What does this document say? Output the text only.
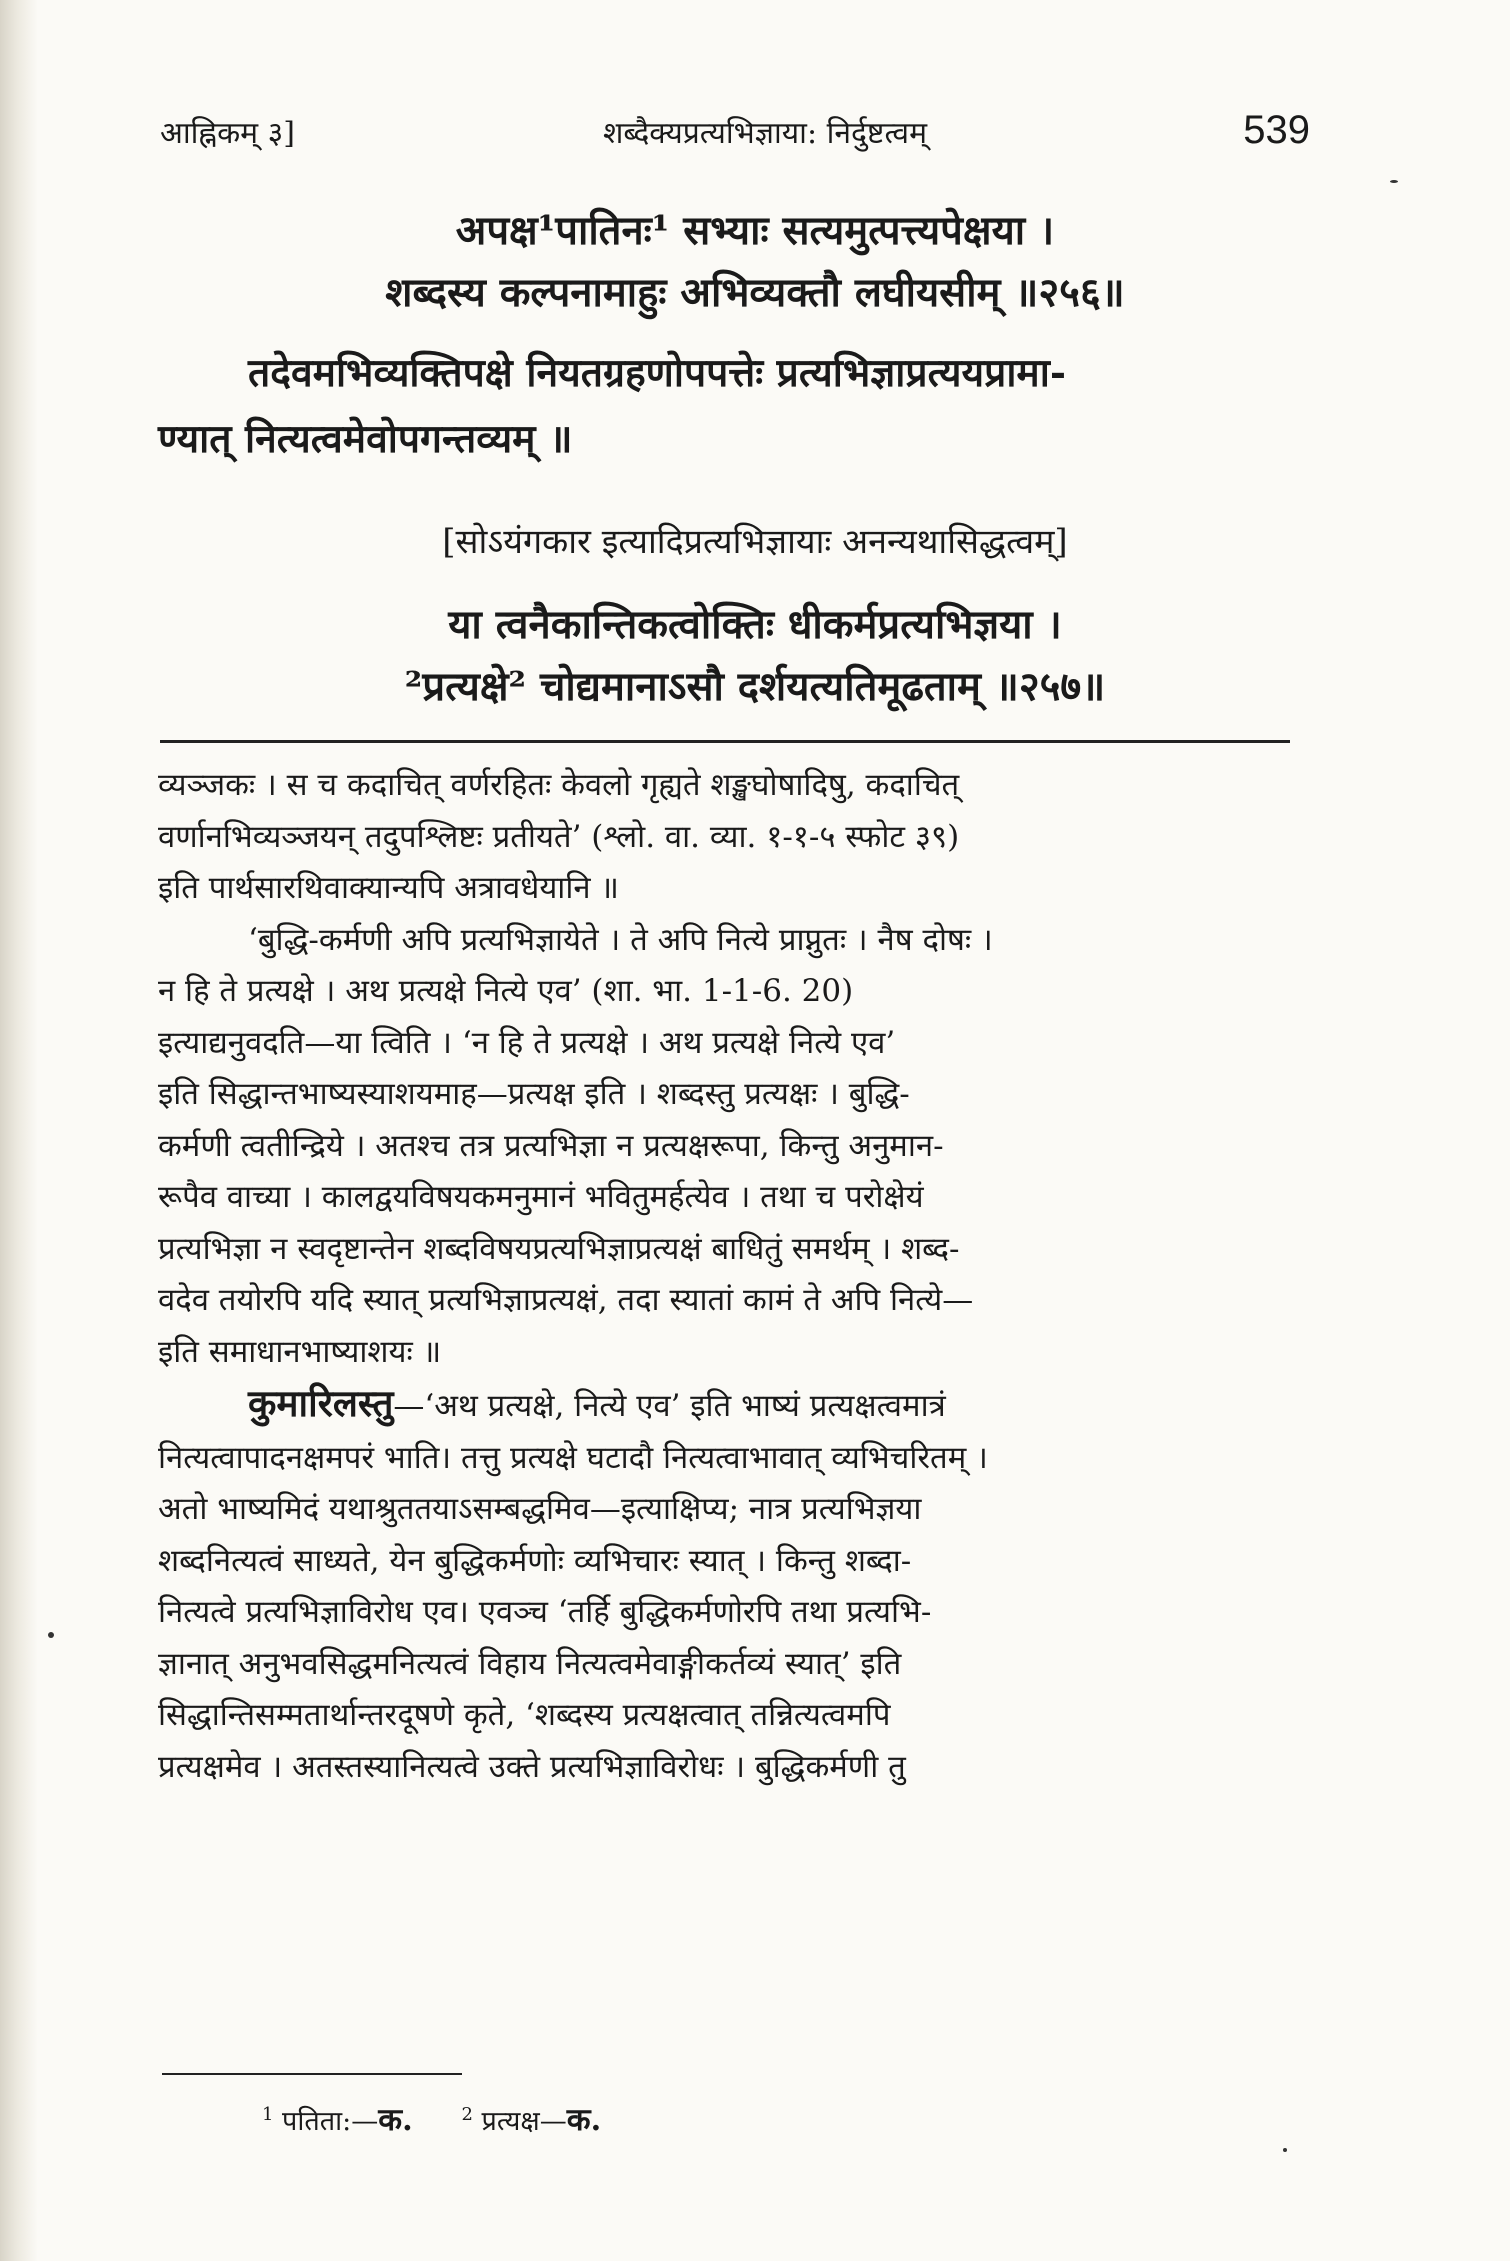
आह्निकम् ३]	शब्दैक्यप्रत्यभिज्ञाया: निर्दुष्टत्वम्	539
अपक्ष¹पातिनः¹ सभ्याः सत्यमुत्पत्त्यपेक्षया ।
शब्दस्य कल्पनामाहुः अभिव्यक्तौ लघीयसीम् ॥२५६॥
तदेवमभिव्यक्तिपक्षे नियतग्रहणोपपत्तेः प्रत्यभिज्ञाप्रत्ययप्रामा-
ण्यात् नित्यत्वमेवोपगन्तव्यम् ॥
[सोऽयंगकार इत्यादिप्रत्यभिज्ञायाः अनन्यथासिद्धत्वम्]
या त्वनैकान्तिकत्वोक्तिः धीकर्मप्रत्यभिज्ञया ।
²प्रत्यक्षे² चोद्यमानाऽसौ दर्शयत्यतिमूढताम् ॥२५७॥

व्यञ्जकः । स च कदाचित् वर्णरहितः केवलो गृह्यते शङ्खघोषादिषु, कदाचित्

वर्णानभिव्यञ्जयन् तदुपश्लिष्टः प्रतीयते’ (श्लो. वा. व्या. १-१-५ स्फोट ३९)

इति पार्थसारथिवाक्यान्यपि अत्रावधेयानि ॥

‘बुद्धि-कर्मणी अपि प्रत्यभिज्ञायेते । ते अपि नित्ये प्राप्नुतः । नैष दोषः ।

न हि ते प्रत्यक्षे । अथ प्रत्यक्षे नित्ये एव’ (शा. भा. 1-1-6. 20)

इत्याद्यनुवदति—या त्विति । ‘न हि ते प्रत्यक्षे । अथ प्रत्यक्षे नित्ये एव’

इति सिद्धान्तभाष्यस्याशयमाह—प्रत्यक्ष इति । शब्दस्तु प्रत्यक्षः । बुद्धि-

कर्मणी त्वतीन्द्रिये । अतश्च तत्र प्रत्यभिज्ञा न प्रत्यक्षरूपा, किन्तु अनुमान-

रूपैव वाच्या । कालद्वयविषयकमनुमानं भवितुमर्हत्येव । तथा च परोक्षेयं

प्रत्यभिज्ञा न स्वदृष्टान्तेन शब्दविषयप्रत्यभिज्ञाप्रत्यक्षं बाधितुं समर्थम् । शब्द-

वदेव तयोरपि यदि स्यात् प्रत्यभिज्ञाप्रत्यक्षं, तदा स्यातां कामं ते अपि नित्ये—

इति समाधानभाष्याशयः ॥

कुमारिलस्तु—‘अथ प्रत्यक्षे, नित्ये एव’ इति भाष्यं प्रत्यक्षत्वमात्रं

नित्यत्वापादनक्षमपरं भाति। तत्तु प्रत्यक्षे घटादौ नित्यत्वाभावात् व्यभिचरितम् ।

अतो भाष्यमिदं यथाश्रुततयाऽसम्बद्धमिव—इत्याक्षिप्य; नात्र प्रत्यभिज्ञया

शब्दनित्यत्वं साध्यते, येन बुद्धिकर्मणोः व्यभिचारः स्यात् । किन्तु शब्दा-

नित्यत्वे प्रत्यभिज्ञाविरोध एव। एवञ्च ‘तर्हि बुद्धिकर्मणोरपि तथा प्रत्यभि-

ज्ञानात् अनुभवसिद्धमनित्यत्वं विहाय नित्यत्वमेवाङ्गीकर्तव्यं स्यात्’ इति

सिद्धान्तिसम्मतार्थान्तरदूषणे कृते, ‘शब्दस्य प्रत्यक्षत्वात् तन्नित्यत्वमपि

प्रत्यक्षमेव । अतस्तस्यानित्यत्वे उक्ते प्रत्यभिज्ञाविरोधः । बुद्धिकर्मणी तु

$^1$ पतिता:—क.	$^2$ प्रत्यक्ष—क.
